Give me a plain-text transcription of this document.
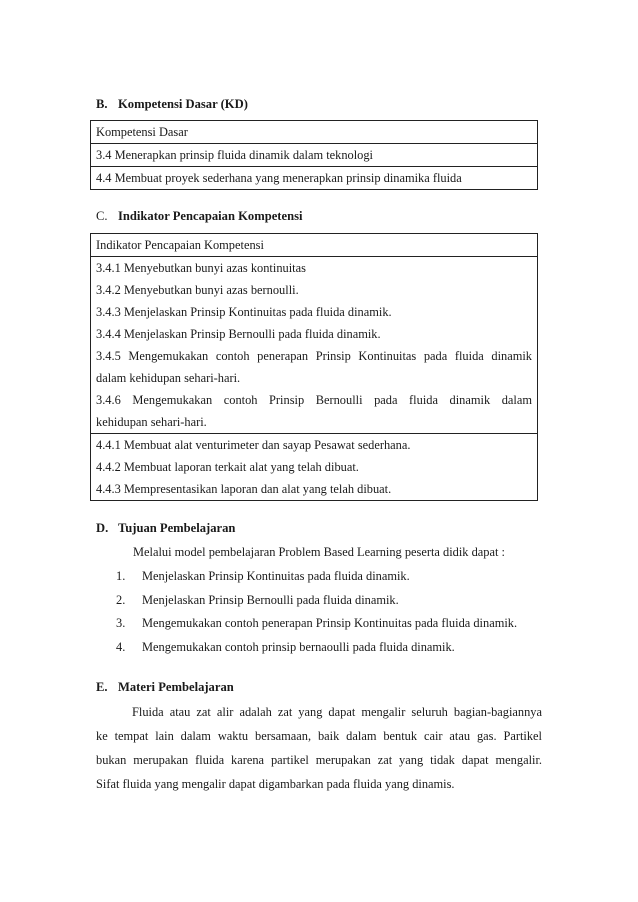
B. Kompetensi Dasar (KD)
Kompetensi Dasar
3.4 Menerapkan prinsip fluida dinamik dalam teknologi
4.4 Membuat proyek sederhana yang menerapkan prinsip dinamika fluida
C. Indikator Pencapaian Kompetensi
Indikator Pencapaian Kompetensi
3.4.1 Menyebutkan bunyi azas kontinuitas
3.4.2 Menyebutkan bunyi azas bernoulli.
3.4.3 Menjelaskan Prinsip Kontinuitas pada fluida dinamik.
3.4.4 Menjelaskan Prinsip Bernoulli pada fluida dinamik.
3.4.5 Mengemukakan contoh penerapan Prinsip Kontinuitas pada fluida dinamik
dalam kehidupan sehari-hari.
3.4.6 Mengemukakan contoh Prinsip Bernoulli pada fluida dinamik dalam
kehidupan sehari-hari.
4.4.1 Membuat alat venturimeter dan sayap Pesawat sederhana.
4.4.2 Membuat laporan terkait alat yang telah dibuat.
4.4.3 Mempresentasikan laporan dan alat yang telah dibuat.
D. Tujuan Pembelajaran
Melalui model pembelajaran Problem Based Learning peserta didik dapat :
1. Menjelaskan Prinsip Kontinuitas pada fluida dinamik.
2. Menjelaskan Prinsip Bernoulli pada fluida dinamik.
3. Mengemukakan contoh penerapan Prinsip Kontinuitas pada fluida dinamik.
4. Mengemukakan contoh prinsip bernaoulli pada fluida dinamik.
E. Materi Pembelajaran
Fluida atau zat alir adalah zat yang dapat mengalir seluruh bagian-bagiannya
ke tempat lain dalam waktu bersamaan, baik dalam bentuk cair atau gas. Partikel
bukan merupakan fluida karena partikel merupakan zat yang tidak dapat mengalir.
Sifat fluida yang mengalir dapat digambarkan pada fluida yang dinamis.
